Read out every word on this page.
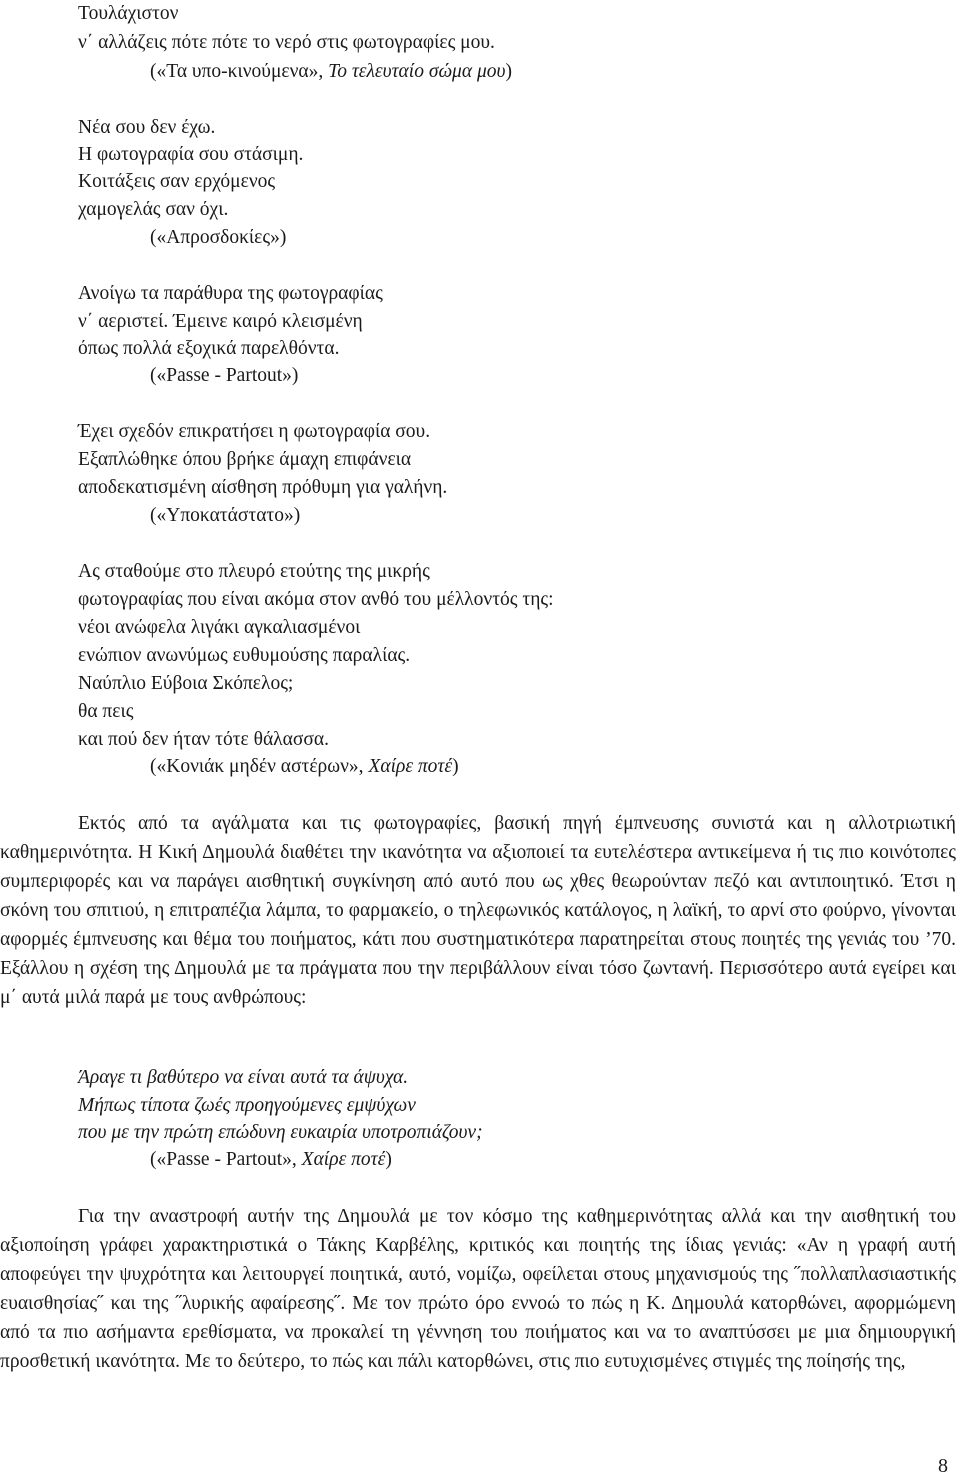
Τουλάχιστον
ν΄ αλλάζεις πότε πότε το νερό στις φωτογραφίες μου.
(«Τα υπο-κινούμενα», Το τελευταίο σώμα μου)
Νέα σου δεν έχω.
Η φωτογραφία σου στάσιμη.
Κοιτάξεις σαν ερχόμενος
χαμογελάς σαν όχι.
(«Απροσδοκίες»)
Ανοίγω τα παράθυρα της φωτογραφίας
ν΄ αεριστεί. Έμεινε καιρό κλεισμένη
όπως πολλά εξοχικά παρελθόντα.
(«Passe - Partout»)
Έχει σχεδόν επικρατήσει η φωτογραφία σου.
Εξαπλώθηκε όπου βρήκε άμαχη επιφάνεια
αποδεκατισμένη αίσθηση πρόθυμη για γαλήνη.
(«Υποκατάστατο»)
Ας σταθούμε στο πλευρό ετούτης της μικρής
φωτογραφίας που είναι ακόμα στον ανθό του μέλλοντός της:
νέοι ανώφελα λιγάκι αγκαλιασμένοι
ενώπιον ανωνύμως ευθυμούσης παραλίας.
Ναύπλιο Εύβοια Σκόπελος;
θα πεις
και πού δεν ήταν τότε θάλασσα.
(«Κονιάκ μηδέν αστέρων», Χαίρε ποτέ)
Εκτός από τα αγάλματα και τις φωτογραφίες, βασική πηγή έμπνευσης συνιστά και η αλλοτριωτική καθημερινότητα. Η Κική Δημουλά διαθέτει την ικανότητα να αξιοποιεί τα ευτελέστερα αντικείμενα ή τις πιο κοινότοπες συμπεριφορές και να παράγει αισθητική συγκίνηση από αυτό που ως χθες θεωρούνταν πεζό και αντιποιητικό. Έτσι η σκόνη του σπιτιού, η επιτραπέζια λάμπα, το φαρμακείο, ο τηλεφωνικός κατάλογος, η λαϊκή, το αρνί στο φούρνο, γίνονται αφορμές έμπνευσης και θέμα του ποιήματος, κάτι που συστηματικότερα παρατηρείται στους ποιητές της γενιάς του ’70. Εξάλλου η σχέση της Δημουλά με τα πράγματα που την περιβάλλουν είναι τόσο ζωντανή. Περισσότερο αυτά εγείρει και μ΄ αυτά μιλά παρά με τους ανθρώπους:
Άραγε τι βαθύτερο να είναι αυτά τα άψυχα.
Μήπως τίποτα ζωές προηγούμενες εμψύχων
που με την πρώτη επώδυνη ευκαιρία υποτροπιάζουν;
(«Passe - Partout», Χαίρε ποτέ)
Για την αναστροφή αυτήν της Δημουλά με τον κόσμο της καθημερινότητας αλλά και την αισθητική του αξιοποίηση γράφει χαρακτηριστικά ο Τάκης Καρβέλης, κριτικός και ποιητής της ίδιας γενιάς: «Αν η γραφή αυτή αποφεύγει την ψυχρότητα και λειτουργεί ποιητικά, αυτό, νομίζω, οφείλεται στους μηχανισμούς της ˝πολλαπλασιαστικής ευαισθησίας˝ και της ˝λυρικής αφαίρεσης˝. Με τον πρώτο όρο εννοώ το πώς η Κ. Δημουλά κατορθώνει, αφορμώμενη από τα πιο ασήμαντα ερεθίσματα, να προκαλεί τη γέννηση του ποιήματος και να το αναπτύσσει με μια δημιουργική προσθετική ικανότητα. Με το δεύτερο, το πώς και πάλι κατορθώνει, στις πιο ευτυχισμένες στιγμές της ποίησής της,
8
